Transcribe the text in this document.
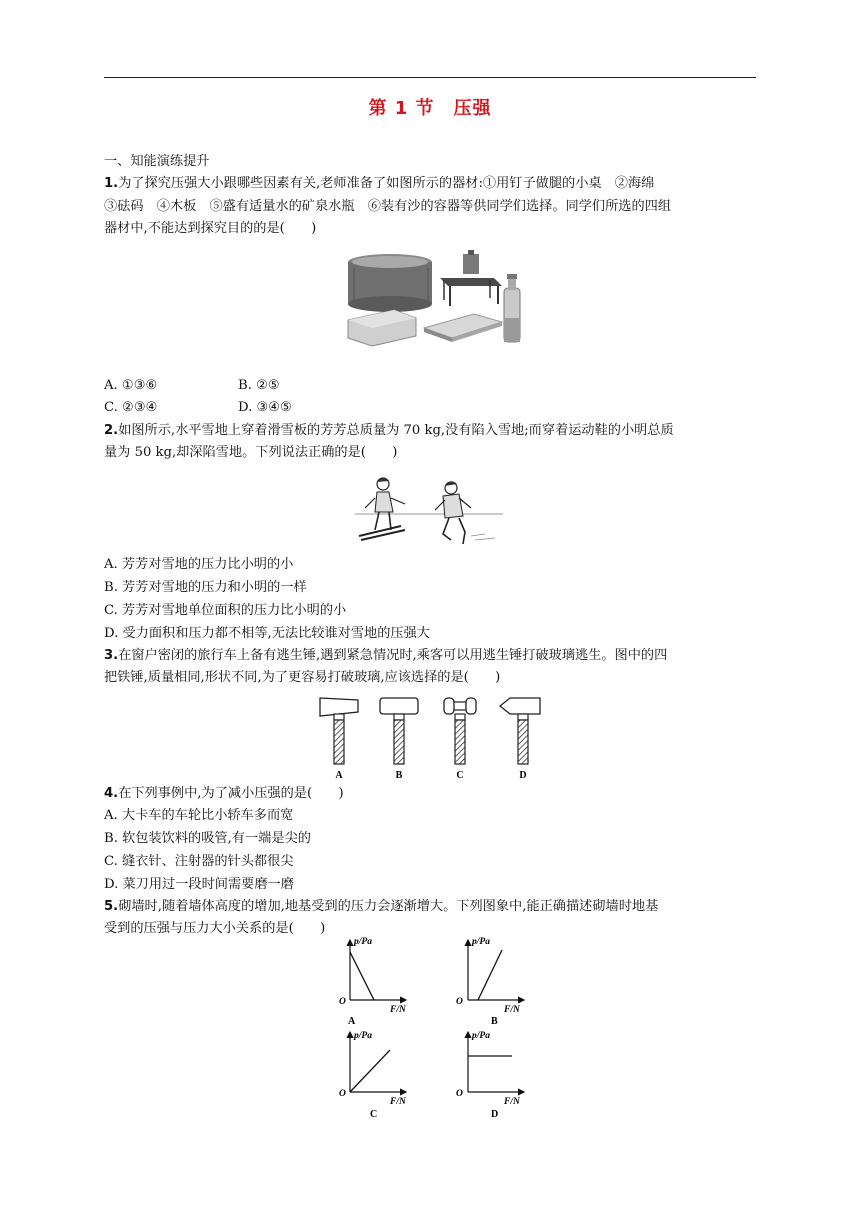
第 1 节　压强
一、知能演练提升
1.为了探究压强大小跟哪些因素有关,老师准备了如图所示的器材:①用钉子做腿的小桌　②海绵
③砝码　④木板　⑤盛有适量水的矿泉水瓶　⑥装有沙的容器等供同学们选择。同学们所选的四组
器材中,不能达到探究目的的是(　　)
A. ①③⑥	B. ②⑤
C. ②③④	D. ③④⑤
2.如图所示,水平雪地上穿着滑雪板的芳芳总质量为 70 kg,没有陷入雪地;而穿着运动鞋的小明总质
量为 50 kg,却深陷雪地。下列说法正确的是(　　)
A. 芳芳对雪地的压力比小明的小
B. 芳芳对雪地的压力和小明的一样
C. 芳芳对雪地单位面积的压力比小明的小
D. 受力面积和压力都不相等,无法比较谁对雪地的压强大
3.在窗户密闭的旅行车上备有逃生锤,遇到紧急情况时,乘客可以用逃生锤打破玻璃逃生。图中的四
把铁锤,质量相同,形状不同,为了更容易打破玻璃,应该选择的是(　　)
A	B	C	D
4.在下列事例中,为了减小压强的是(　　)
A. 大卡车的车轮比小轿车多而宽
B. 软包装饮料的吸管,有一端是尖的
C. 缝衣针、注射器的针头都很尖
D. 菜刀用过一段时间需要磨一磨
5.砌墙时,随着墙体高度的增加,地基受到的压力会逐渐增大。下列图象中,能正确描述砌墙时地基
受到的压强与压力大小关系的是(　　)
p/Pa
F/N
O
A
p/Pa
F/N
O
B
p/Pa
F/N
O
C
p/Pa
F/N
O
D
